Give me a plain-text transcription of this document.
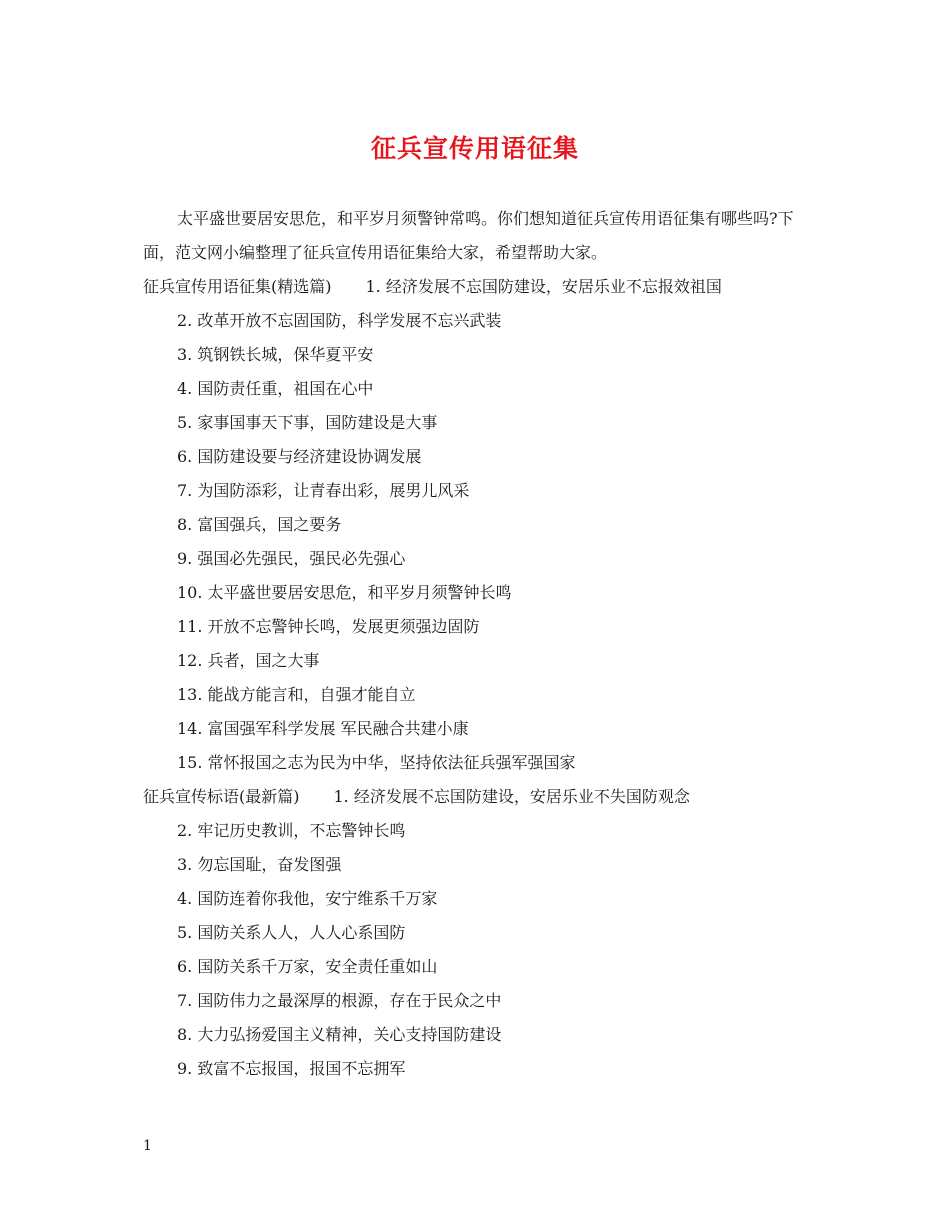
征兵宣传用语征集

太平盛世要居安思危，和平岁月须警钟常鸣。你们想知道征兵宣传用语征集有哪些吗?下面，范文网小编整理了征兵宣传用语征集给大家，希望帮助大家。

征兵宣传用语征集(精选篇) 1. 经济发展不忘国防建设，安居乐业不忘报效祖国

2. 改革开放不忘固国防，科学发展不忘兴武装
3. 筑钢铁长城，保华夏平安
4. 国防责任重，祖国在心中
5. 家事国事天下事，国防建设是大事
6. 国防建设要与经济建设协调发展
7. 为国防添彩，让青春出彩，展男儿风采
8. 富国强兵，国之要务
9. 强国必先强民，强民必先强心
10. 太平盛世要居安思危，和平岁月须警钟长鸣
11. 开放不忘警钟长鸣，发展更须强边固防
12. 兵者，国之大事
13. 能战方能言和，自强才能自立
14. 富国强军科学发展 军民融合共建小康
15. 常怀报国之志为民为中华，坚持依法征兵强军强国家

征兵宣传标语(最新篇) 1. 经济发展不忘国防建设，安居乐业不失国防观念

2. 牢记历史教训，不忘警钟长鸣
3. 勿忘国耻，奋发图强
4. 国防连着你我他，安宁维系千万家
5. 国防关系人人，人人心系国防
6. 国防关系千万家，安全责任重如山
7. 国防伟力之最深厚的根源，存在于民众之中
8. 大力弘扬爱国主义精神，关心支持国防建设
9. 致富不忘报国，报国不忘拥军
1
